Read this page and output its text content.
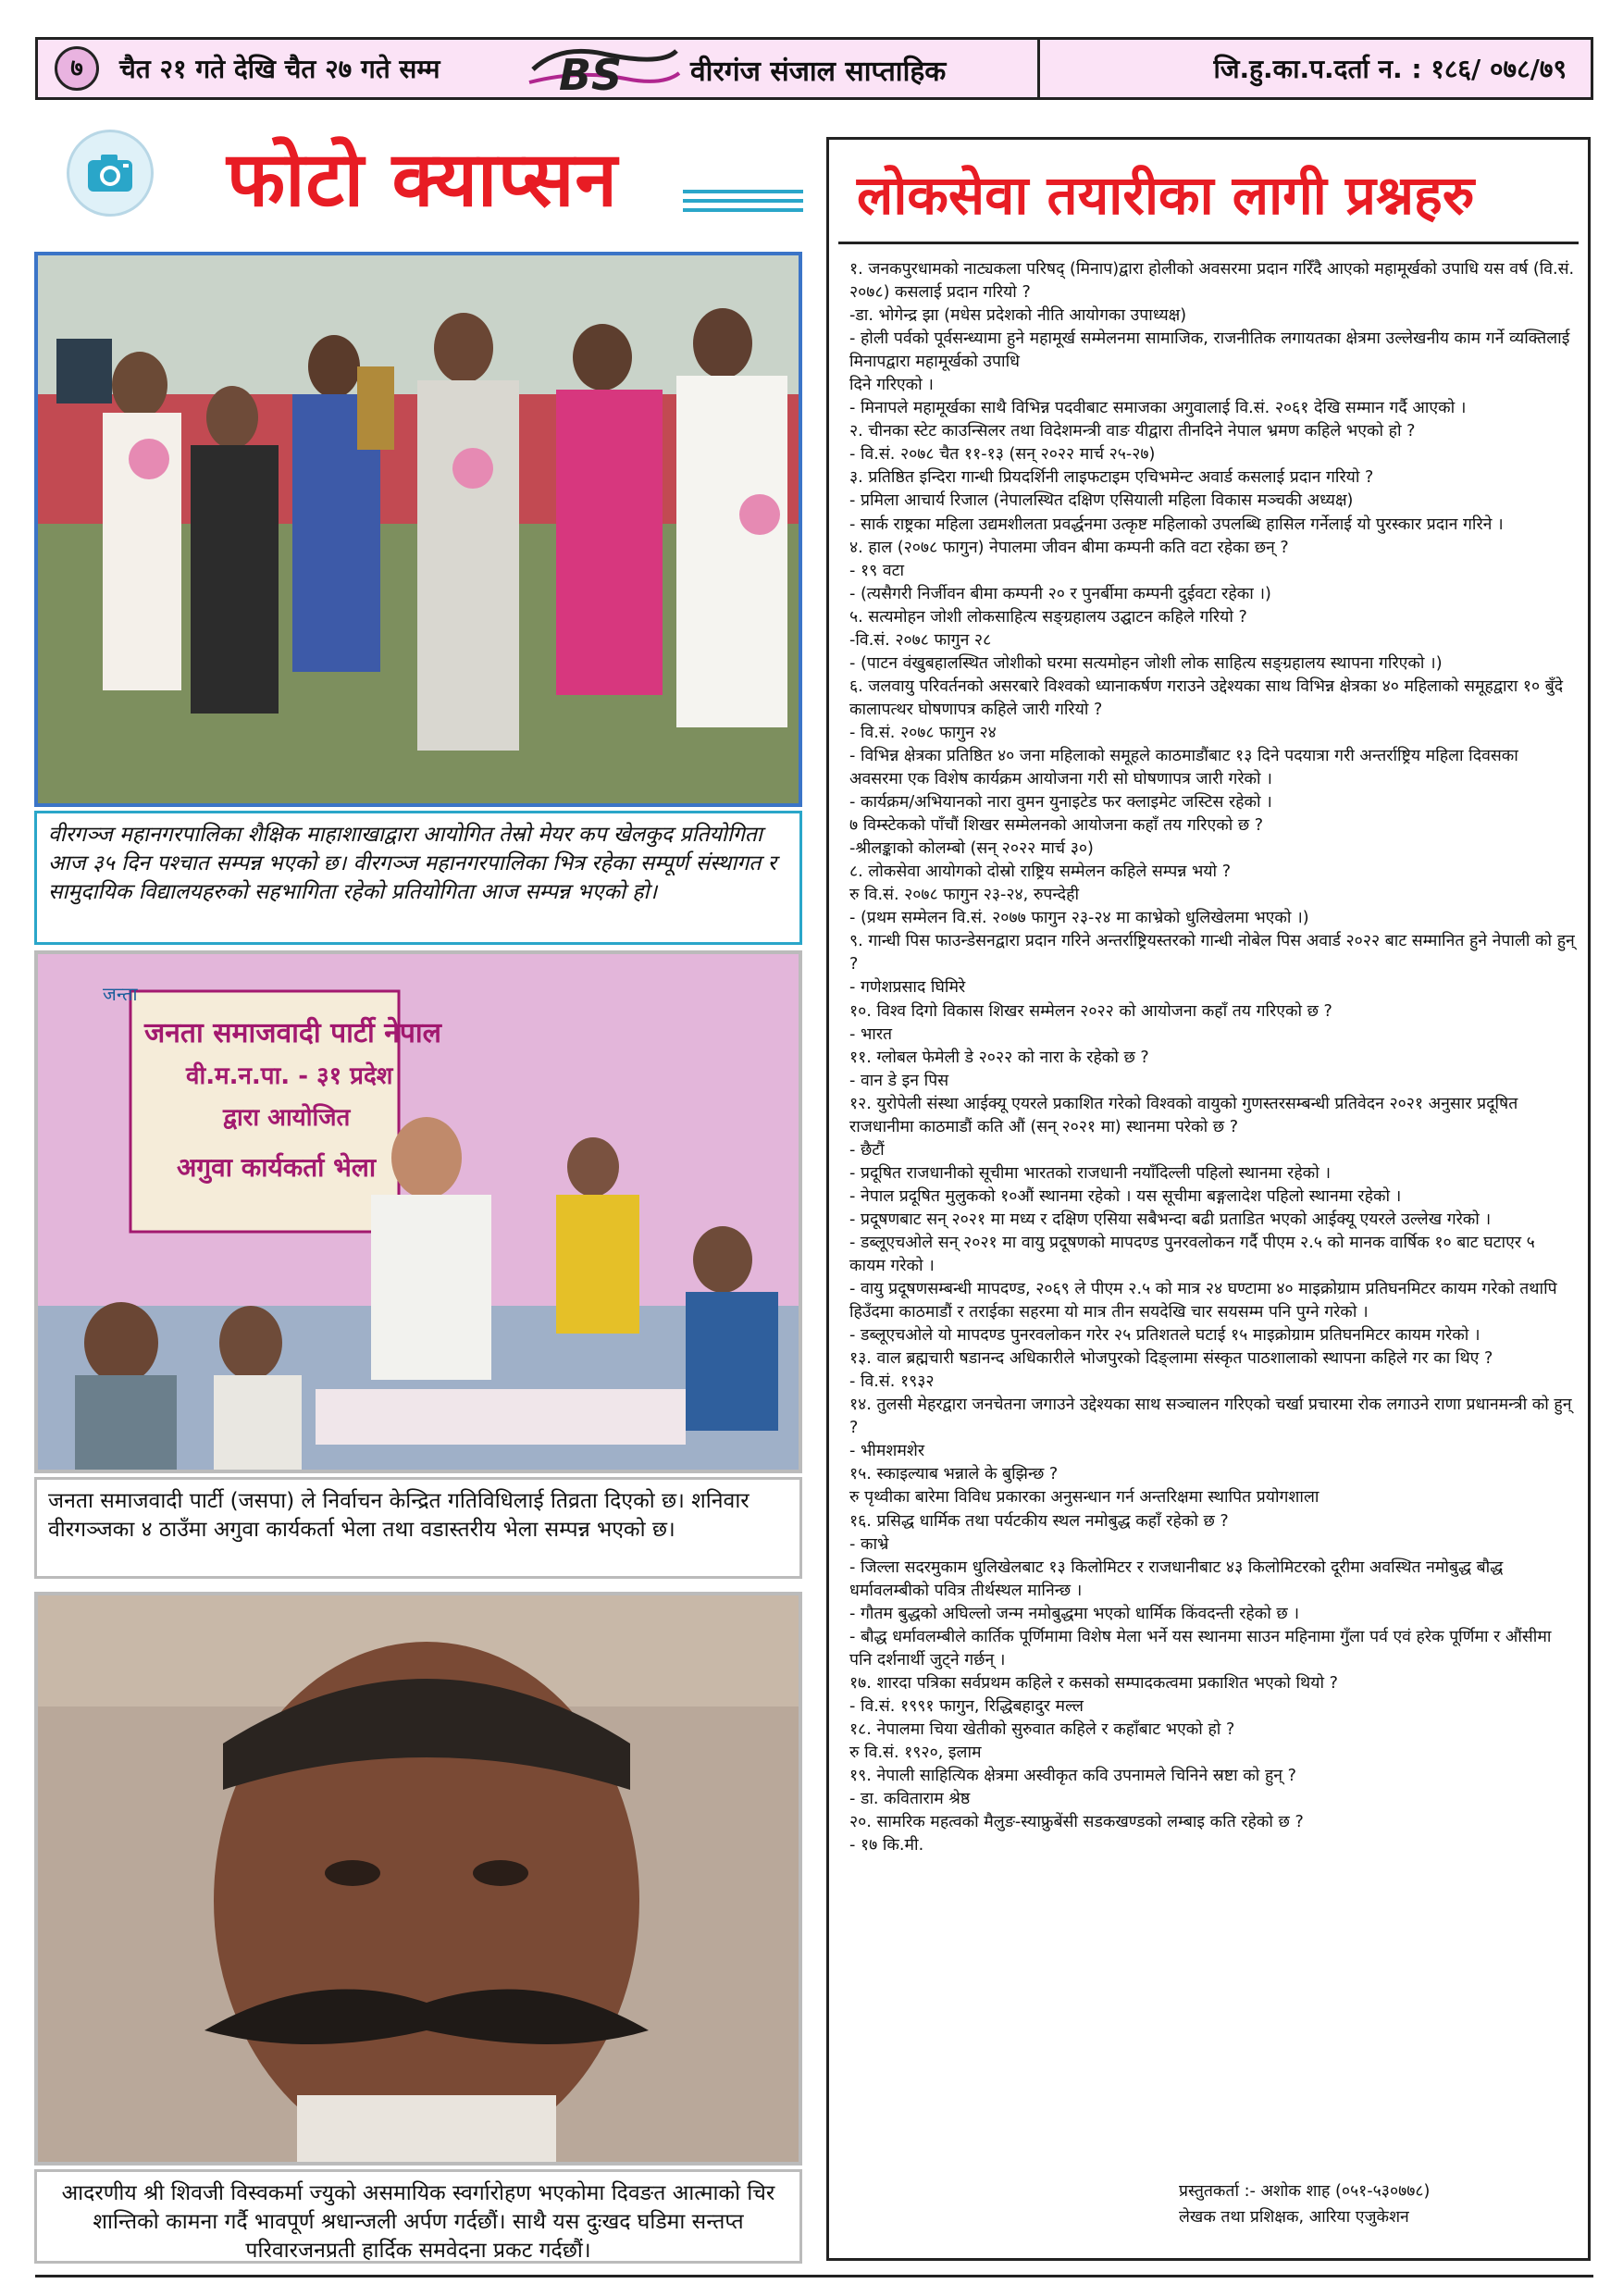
७	चैत २१ गते देखि चैत २७ गते सम्म	BS वीरगंज संजाल साप्ताहिक	जि.हु.का.प.दर्ता न. : १८६/ ०७८/७९
फोटो क्याप्सन
वीरगञ्ज महानगरपालिका शैक्षिक माहाशाखाद्वारा आयोगित तेस्रो मेयर कप खेलकुद प्रतियोगिता आज ३५ दिन पश्चात सम्पन्न भएको छ। वीरगञ्ज महानगरपालिका भित्र रहेका सम्पूर्ण संस्थागत र सामुदायिक विद्यालयहरुको सहभागिता रहेको प्रतियोगिता आज सम्पन्न भएको हो।
जन्ता
जनता समाजवादी पार्टी नेपाल
वी.म.न.पा. - ३१ प्रदेश
द्वारा आयोजित
अगुवा कार्यकर्ता भेला
जनता समाजवादी पार्टी (जसपा) ले निर्वाचन केन्द्रित गतिविधिलाई तिव्रता दिएको छ। शनिवार वीरगञ्जका ४ ठाउँमा अगुवा कार्यकर्ता भेला तथा वडास्तरीय भेला सम्पन्न भएको छ।
आदरणीय श्री शिवजी विस्वकर्मा ज्युको असमायिक स्वर्गारोहण भएकोमा दिवङत आत्माको चिर शान्तिको कामना गर्दै भावपूर्ण श्रधान्जली अर्पण गर्दछौं। साथै यस दुःखद घडिमा सन्तप्त परिवारजनप्रती हार्दिक समवेदना प्रकट गर्दछौं।
लोकसेवा तयारीका लागी प्रश्नहरु
१. जनकपुरधामको नाट्यकला परिषद् (मिनाप)द्वारा होलीको अवसरमा प्रदान गरिँदै आएको महामूर्खको उपाधि यस वर्ष (वि.सं. २०७८) कसलाई प्रदान गरियो ?
-डा. भोगेन्द्र झा (मधेस प्रदेशको नीति आयोगका उपाध्यक्ष)
- होली पर्वको पूर्वसन्ध्यामा हुने महामूर्ख सम्मेलनमा सामाजिक, राजनीतिक लगायतका क्षेत्रमा उल्लेखनीय काम गर्ने व्यक्तिलाई मिनापद्वारा महामूर्खको उपाधि
दिने गरिएको ।
- मिनापले महामूर्खका साथै विभिन्न पदवीबाट समाजका अगुवालाई वि.सं. २०६१ देखि सम्मान गर्दै आएको ।
२. चीनका स्टेट काउन्सिलर तथा विदेशमन्त्री वाङ यीद्वारा तीनदिने नेपाल भ्रमण कहिले भएको हो ?
- वि.सं. २०७८ चैत ११-१३ (सन् २०२२ मार्च २५-२७)
३. प्रतिष्ठित इन्दिरा गान्धी प्रियदर्शिनी लाइफटाइम एचिभमेन्ट अवार्ड कसलाई प्रदान गरियो ?
- प्रमिला आचार्य रिजाल (नेपालस्थित दक्षिण एसियाली महिला विकास मञ्चकी अध्यक्ष)
- सार्क राष्ट्रका महिला उद्यमशीलता प्रवर्द्धनमा उत्कृष्ट महिलाको उपलब्धि हासिल गर्नेलाई यो पुरस्कार प्रदान गरिने ।
४. हाल (२०७८ फागुन) नेपालमा जीवन बीमा कम्पनी कति वटा रहेका छन् ?
- १९ वटा
- (त्यसैगरी निर्जीवन बीमा कम्पनी २० र पुनर्बीमा कम्पनी दुईवटा रहेका ।)
५. सत्यमोहन जोशी लोकसाहित्य सङ्ग्रहालय उद्घाटन कहिले गरियो ?
-वि.सं. २०७८ फागुन २८
- (पाटन वंखुबहालस्थित जोशीको घरमा सत्यमोहन जोशी लोक साहित्य सङ्ग्रहालय स्थापना गरिएको ।)
६. जलवायु परिवर्तनको असरबारे विश्वको ध्यानाकर्षण गराउने उद्देश्यका साथ विभिन्न क्षेत्रका ४० महिलाको समूहद्वारा १० बुँदे कालापत्थर घोषणापत्र कहिले जारी गरियो ?
- वि.सं. २०७८ फागुन २४
- विभिन्न क्षेत्रका प्रतिष्ठित ४० जना महिलाको समूहले काठमाडौंबाट १३ दिने पदयात्रा गरी अन्तर्राष्ट्रिय महिला दिवसका अवसरमा एक विशेष कार्यक्रम आयोजना गरी सो घोषणापत्र जारी गरेको ।
- कार्यक्रम/अभियानको नारा वुमन युनाइटेड फर क्लाइमेट जस्टिस रहेको ।
७ विम्स्टेकको पाँचौं शिखर सम्मेलनको आयोजना कहाँ तय गरिएको छ ?
-श्रीलङ्काको कोलम्बो (सन् २०२२ मार्च ३०)
८. लोकसेवा आयोगको दोस्रो राष्ट्रिय सम्मेलन कहिले सम्पन्न भयो ?
रु वि.सं. २०७८ फागुन २३-२४, रुपन्देही
- (प्रथम सम्मेलन वि.सं. २०७७ फागुन २३-२४ मा काभ्रेको धुलिखेलमा भएको ।)
९. गान्धी पिस फाउन्डेसनद्वारा प्रदान गरिने अन्तर्राष्ट्रियस्तरको गान्धी नोबेल पिस अवार्ड २०२२ बाट सम्मानित हुने नेपाली को हुन् ?
- गणेशप्रसाद घिमिरे
१०. विश्व दिगो विकास शिखर सम्मेलन २०२२ को आयोजना कहाँ तय गरिएको छ ?
- भारत
११. ग्लोबल फेमेली डे २०२२ को नारा के रहेको छ ?
- वान डे इन पिस
१२. युरोपेली संस्था आईक्यू एयरले प्रकाशित गरेको विश्वको वायुको गुणस्तरसम्बन्धी प्रतिवेदन २०२१ अनुसार प्रदूषित राजधानीमा काठमाडौं कति औं (सन् २०२१ मा) स्थानमा परेको छ ?
- छैटौं
- प्रदूषित राजधानीको सूचीमा भारतको राजधानी नयाँदिल्ली पहिलो स्थानमा रहेको ।
- नेपाल प्रदूषित मुलुकको १०औं स्थानमा रहेको । यस सूचीमा बङ्गलादेश पहिलो स्थानमा रहेको ।
- प्रदूषणबाट सन् २०२१ मा मध्य र दक्षिण एसिया सबैभन्दा बढी प्रताडित भएको आईक्यू एयरले उल्लेख गरेको ।
- डब्लूएचओले सन् २०२१ मा वायु प्रदूषणको मापदण्ड पुनरवलोकन गर्दै पीएम २.५ को मानक वार्षिक १० बाट घटाएर ५ कायम गरेको ।
- वायु प्रदूषणसम्बन्धी मापदण्ड, २०६९ ले पीएम २.५ को मात्र २४ घण्टामा ४० माइक्रोग्राम प्रतिघनमिटर कायम गरेको तथापि हिउँदमा काठमाडौं र तराईका सहरमा यो मात्र तीन सयदेखि चार सयसम्म पनि पुग्ने गरेको ।
- डब्लूएचओले यो मापदण्ड पुनरवलोकन गरेर २५ प्रतिशतले घटाई १५ माइक्रोग्राम प्रतिघनमिटर कायम गरेको ।
१३. वाल ब्रह्मचारी षडानन्द अधिकारीले भोजपुरको दिङ्लामा संस्कृत पाठशालाको स्थापना कहिले गर का थिए ?
- वि.सं. १९३२
१४. तुलसी मेहरद्वारा जनचेतना जगाउने उद्देश्यका साथ सञ्चालन गरिएको चर्खा प्रचारमा रोक लगाउने राणा प्रधानमन्त्री को हुन् ?
- भीमशमशेर
१५. स्काइल्याब भन्नाले के बुझिन्छ ?
रु पृथ्वीका बारेमा विविध प्रकारका अनुसन्धान गर्न अन्तरिक्षमा स्थापित प्रयोगशाला
१६. प्रसिद्ध धार्मिक तथा पर्यटकीय स्थल नमोबुद्ध कहाँ रहेको छ ?
- काभ्रे
- जिल्ला सदरमुकाम धुलिखेलबाट १३ किलोमिटर र राजधानीबाट ४३ किलोमिटरको दूरीमा अवस्थित नमोबुद्ध बौद्ध धर्मावलम्बीको पवित्र तीर्थस्थल मानिन्छ ।
- गौतम बुद्धको अघिल्लो जन्म नमोबुद्धमा भएको धार्मिक किंवदन्ती रहेको छ ।
- बौद्ध धर्मावलम्बीले कार्तिक पूर्णिमामा विशेष मेला भर्ने यस स्थानमा साउन महिनामा गुँला पर्व एवं हरेक पूर्णिमा र औंसीमा पनि दर्शनार्थी जुट्ने गर्छन् ।
१७. शारदा पत्रिका सर्वप्रथम कहिले र कसको सम्पादकत्वमा प्रकाशित भएको थियो ?
- वि.सं. १९९१ फागुन, रिद्धिबहादुर मल्ल
१८. नेपालमा चिया खेतीको सुरुवात कहिले र कहाँबाट भएको हो ?
रु वि.सं. १९२०, इलाम
१९. नेपाली साहित्यिक क्षेत्रमा अस्वीकृत कवि उपनामले चिनिने स्रष्टा को हुन् ?
- डा. कविताराम श्रेष्ठ
२०. सामरिक महत्वको मैलुङ-स्याफ्रुबेंसी सडकखण्डको लम्बाइ कति रहेको छ ?
- १७ कि.मी.
प्रस्तुतकर्ता :- अशोक शाह (०५१-५३०७७८)
लेखक तथा प्रशिक्षक, आरिया एजुकेशन
